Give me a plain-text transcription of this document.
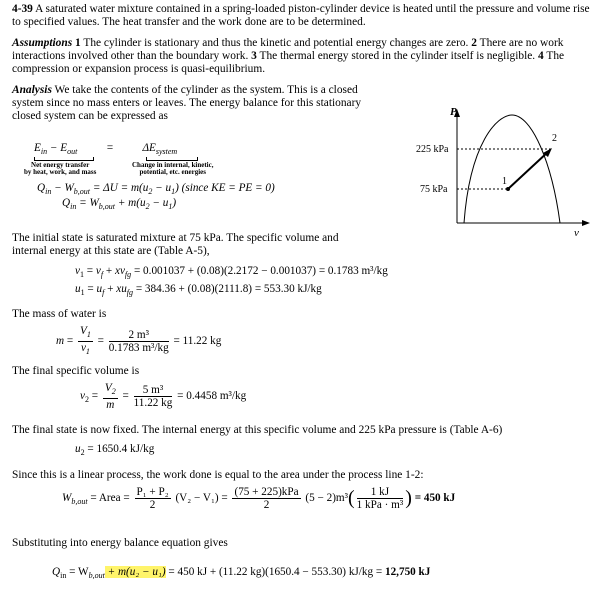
4-39 A saturated water mixture contained in a spring-loaded piston-cylinder device is heated until the pressure and volume rise to specified values. The heat transfer and the work done are to be determined.

Assumptions 1 The cylinder is stationary and thus the kinetic and potential energy changes are zero. 2 There are no work interactions involved other than the boundary work. 3 The thermal energy stored in the cylinder itself is negligible. 4 The compression or expansion process is quasi-equilibrium.

Analysis We take the contents of the cylinder as the system. This is a closed system since no mass enters or leaves. The energy balance for this stationary closed system can be expressed as

$E_{in} - E_{out}$	=	$\Delta E_{system}$
Net energy transfer
by heat, work, and mass
Change in internal, kinetic,
potential, etc. energies
$Q_{in} - W_{b,out} = \Delta U = m(u_2 - u_1)$ (since KE = PE = 0)
$Q_{in} = W_{b,out} + m(u_2 - u_1)$
P
v
225 kPa
75 kPa
1
2

The initial state is saturated mixture at 75 kPa. The specific volume and internal energy at this state are (Table A-5),

$v_1 = v_f + xv_{fg} = 0.001037 + (0.08)(2.2172 - 0.001037) = 0.1783$ m³/kg
$u_1 = u_f + xu_{fg} = 384.36 + (0.08)(2111.8) = 553.30$ kJ/kg

The mass of water is

$m = \frac{V_1}{v_1} = \frac{\text{2 m³}}{\text{0.1783 m³/kg}} = 11.22$ kg

The final specific volume is

$v_2 = \frac{V_2}{m} = \frac{\text{5 m³}}{11.22 kg} = 0.4458$ m³/kg

The final state is now fixed. The internal energy at this specific volume and 225 kPa pressure is (Table A-6)

$u_2 = 1650.4$ kJ/kg

Since this is a linear process, the work done is equal to the area under the process line 1-2:

$W_{b,out}$ = Area = $\frac{\text{P₁ + P₂}}{2} (V_2 - V_1) = \frac{\text{(75 + 225)kPa}}{2} (5 - 2)m^3( \frac{1 kJ}{\text{1 kPa · m³}}$ ) = 450 kJ

Substituting into energy balance equation gives

$Q_{in} = W_{b,out} + m(u_2 - u_1) = 450$ kJ + (11.22 kg)(1650.4 − 553.30) kJ/kg = 12,750 kJ
